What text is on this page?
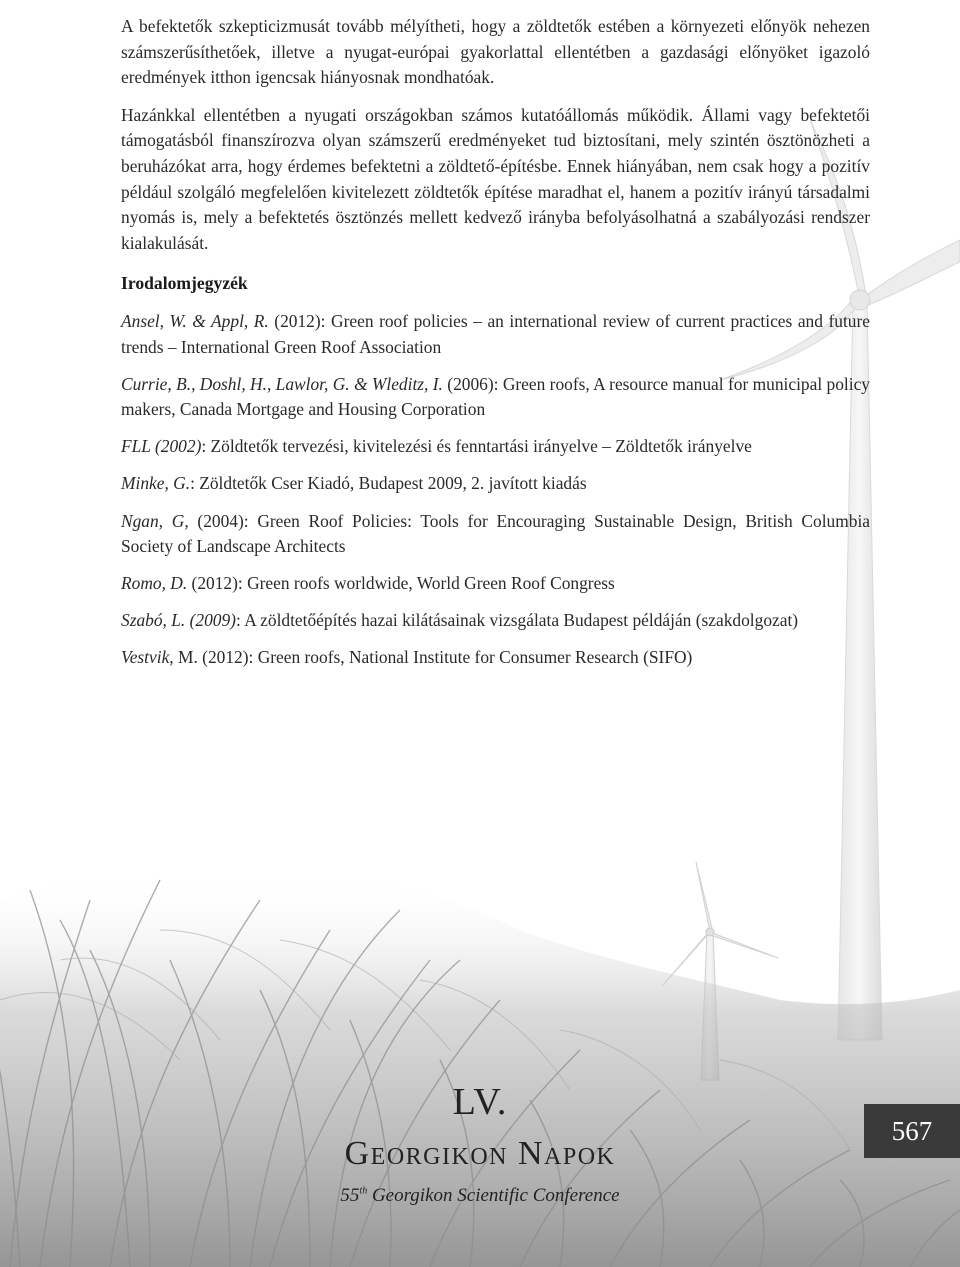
A befektetők szkepticizmusát tovább mélyítheti, hogy a zöldtetők estében a környezeti előnyök nehezen számszerűsíthetőek, illetve a nyugat-európai gyakorlattal ellentétben a gazdasági előnyöket igazoló eredmények itthon igencsak hiányosnak mondhatóak.

Hazánkkal ellentétben a nyugati országokban számos kutatóállomás működik. Állami vagy befektetői támogatásból finanszírozva olyan számszerű eredményeket tud biztosítani, mely szintén ösztönözheti a beruházókat arra, hogy érdemes befektetni a zöldtető-építésbe. Ennek hiányában, nem csak hogy a pozitív például szolgáló megfelelően kivitelezett zöldtetők építése maradhat el, hanem a pozitív irányú társadalmi nyomás is, mely a befektetés ösztönzés mellett kedvező irányba befolyásolhatná a szabályozási rendszer kialakulását.

Irodalomjegyzék

Ansel, W. & Appl, R. (2012): Green roof policies – an international review of current practices and future trends – International Green Roof Association

Currie, B., Doshl, H., Lawlor, G. & Wleditz, I. (2006): Green roofs, A resource manual for municipal policy makers, Canada Mortgage and Housing Corporation

FLL (2002): Zöldtetők tervezési, kivitelezési és fenntartási irányelve – Zöldtetők irányelve

Minke, G.: Zöldtetők Cser Kiadó, Budapest 2009, 2. javított kiadás

Ngan, G, (2004): Green Roof Policies: Tools for Encouraging Sustainable Design, British Columbia Society of Landscape Architects

Romo, D. (2012): Green roofs worldwide, World Green Roof Congress

Szabó, L. (2009): A zöldtetőépítés hazai kilátásainak vizsgálata Budapest példáján (szakdolgozat)

Vestvik, M. (2012): Green roofs, National Institute for Consumer Research (SIFO)

LV.
Georgikon Napok
55th Georgikon Scientific Conference
567
